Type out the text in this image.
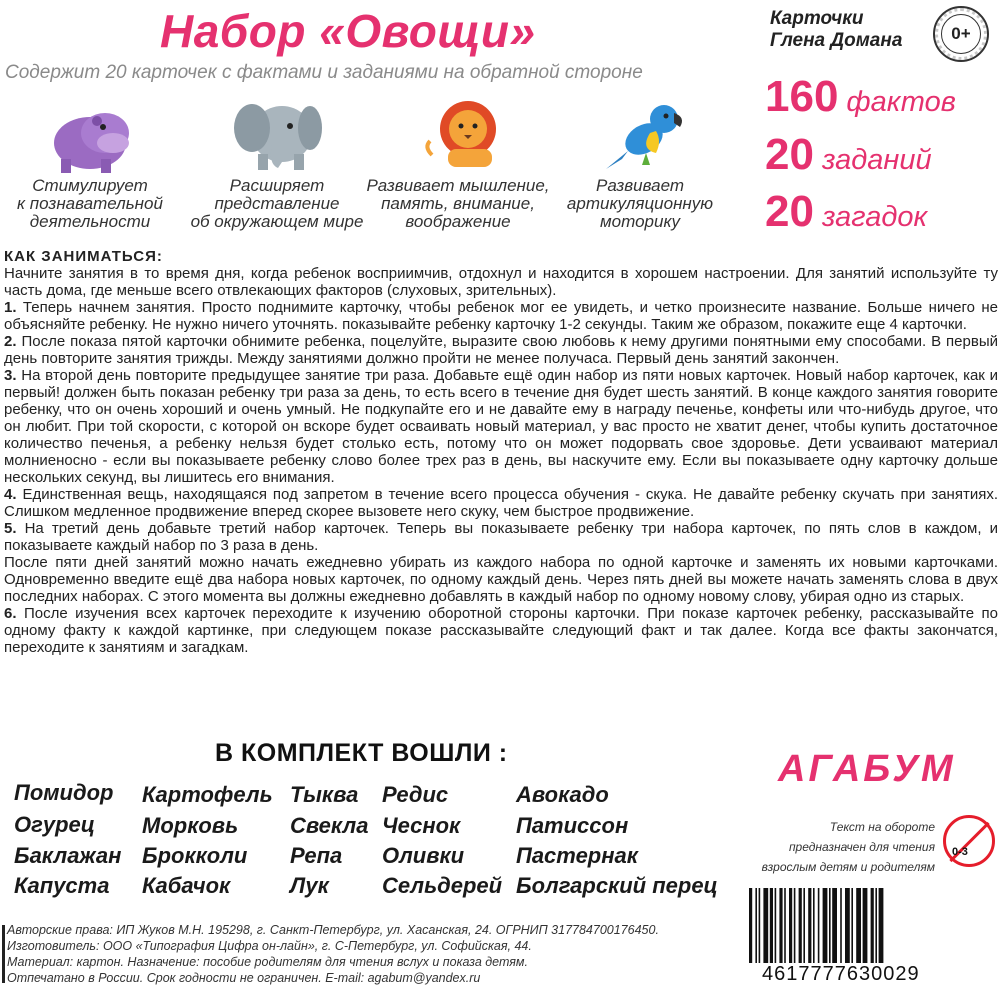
Набор «Овощи»
Содержит 20 карточек с фактами и заданиями на обратной стороне
Карточки
Глена Домана	0+
160 фактов
20 заданий
20 загадок
Стимулирует
к познавательной
деятельности
Расширяет
представление
об окружающем мире
Развивает мышление,
память, внимание,
воображение
Развивает
артикуляционную
моторику

КАК ЗАНИМАТЬСЯ:

Начните занятия в то время дня, когда ребенок восприимчив, отдохнул и находится в хорошем настроении. Для занятий используйте ту часть дома, где меньше всего отвлекающих факторов (слуховых, зрительных).

1. Теперь начнем занятия. Просто поднимите карточку, чтобы ребенок мог ее увидеть, и четко произнесите название. Больше ничего не объясняйте ребенку. Не нужно ничего уточнять. показывайте ребенку карточку 1-2 секунды. Таким же образом, покажите еще 4 карточки.

2. После показа пятой карточки обнимите ребенка, поцелуйте, выразите свою любовь к нему другими понятными ему способами. В первый день повторите занятия трижды. Между занятиями должно пройти не менее получаса. Первый день занятий закончен.

3. На второй день повторите предыдущее занятие три раза. Добавьте ещё один набор из пяти новых карточек. Новый набор карточек, как и первый! должен быть показан ребенку три раза за день, то есть всего в течение дня будет шесть занятий. В конце каждого занятия говорите ребенку, что он очень хороший и очень умный. Не подкупайте его и не давайте ему в награду печенье, конфеты или что-нибудь другое, что он любит. При той скорости, с которой он вскоре будет осваивать новый материал, у вас просто не хватит денег, чтобы купить достаточное количество печенья, а ребенку нельзя будет столько есть, потому что он может подорвать свое здоровье. Дети усваивают материал молниеносно - если вы показываете ребенку слово более трех раз в день, вы наскучите ему. Если вы показываете одну карточку дольше нескольких секунд, вы лишитесь его внимания.

4. Единственная вещь, находящаяся под запретом в течение всего процесса обучения - скука. Не давайте ребенку скучать при занятиях. Слишком медленное продвижение вперед скорее вызовете него скуку, чем быстрое продвижение.

5. На третий день добавьте третий набор карточек. Теперь вы показываете ребенку три набора карточек, по пять слов в каждом, и показываете каждый набор по 3 раза в день.

После пяти дней занятий можно начать ежедневно убирать из каждого набора по одной карточке и заменять их новыми карточками. Одновременно введите ещё два набора новых карточек, по одному каждый день. Через пять дней вы можете начать заменять слова в двух последних наборах. С этого момента вы должны ежедневно добавлять в каждый набор по одному новому слову, убирая одно из старых.

6. После изучения всех карточек переходите к изучению оборотной стороны карточки. При показе карточек ребенку, рассказывайте по одному факту к каждой картинке, при следующем показе рассказывайте следующий факт и так далее. Когда все факты закончатся, переходите к занятиям и загадкам.

В КОМПЛЕКТ ВОШЛИ :
Помидор
Огурец
Баклажан
Капуста
Картофель
Морковь
Брокколи
Кабачок
Тыква
Свекла
Репа
Лук
Редис
Чеснок
Оливки
Сельдерей
Авокадо
Патиссон
Пастернак
Болгарский перец
АГАБУМ
Текст на обороте
предназначен для чтения
взрослым детям и родителям
0-3
Авторские права: ИП Жуков М.Н. 195298, г. Санкт-Петербург, ул. Хасанская, 24. ОГРНИП 317784700176450.
Изготовитель: ООО «Типография Цифра он-лайн», г. С-Петербург, ул. Софийская, 44.
Материал: картон. Назначение: пособие родителям для чтения вслух и показа детям.
Отпечатано в России. Срок годности не ограничен. E-mail: agabum@yandex.ru	4617777630029
